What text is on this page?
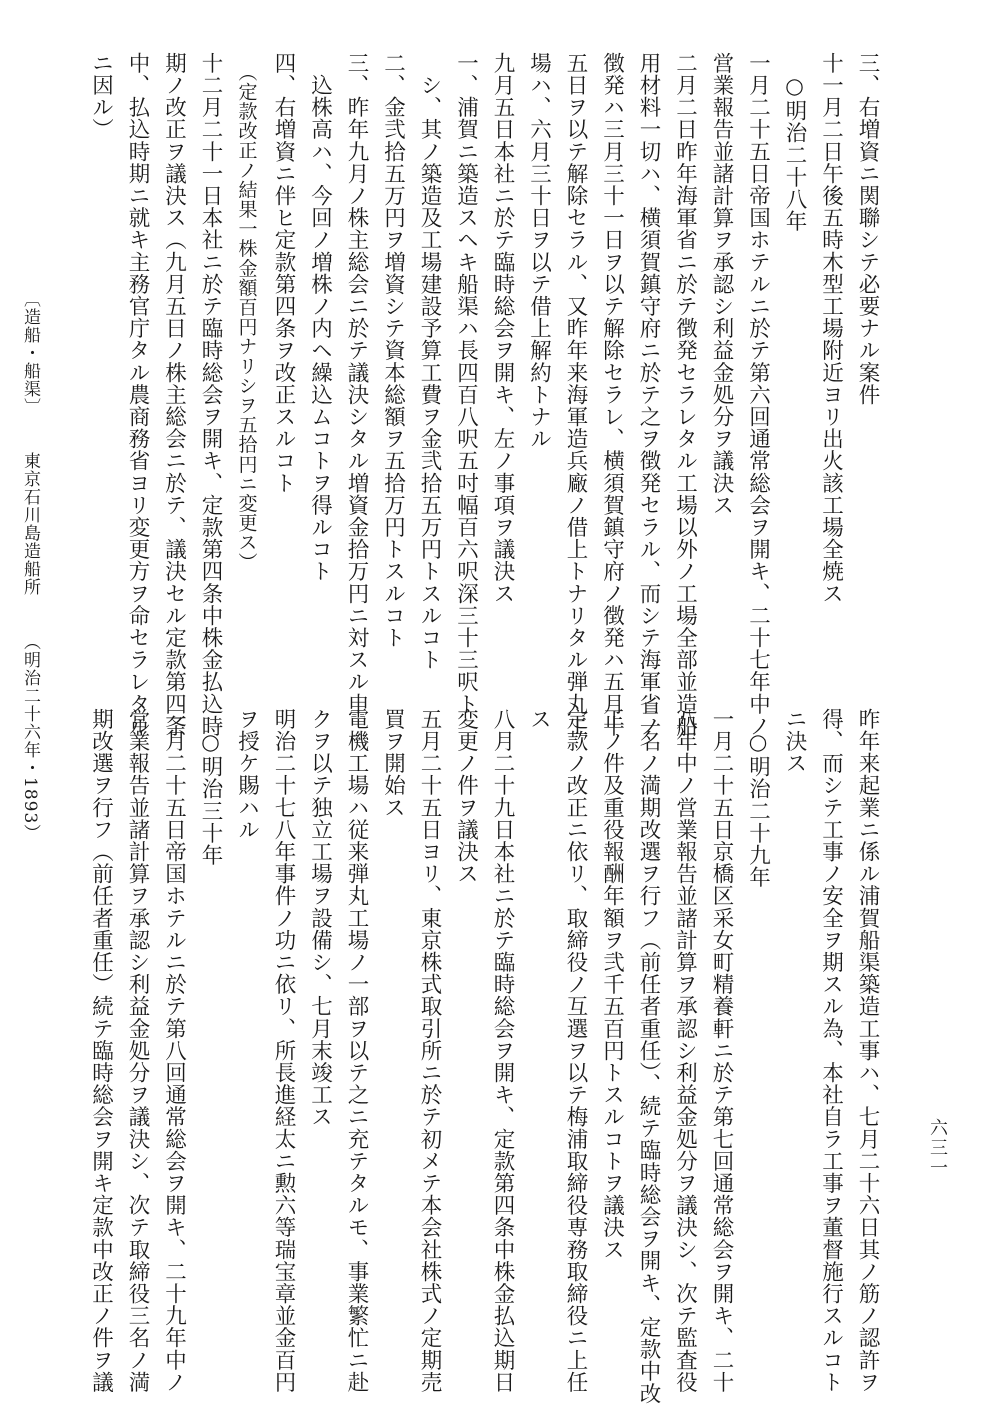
三、右増資ニ関聯シテ必要ナル案件
十一月二日午後五時木型工場附近ヨリ出火該工場全焼ス
　○明治二十八年
一月二十五日帝国ホテルニ於テ第六回通常総会ヲ開キ、二十七年中ノ
営業報告並諸計算ヲ承認シ利益金処分ヲ議決ス
二月二日昨年海軍省ニ於テ徴発セラレタル工場以外ノ工場全部並造船
用材料一切ハ、横須賀鎮守府ニ於テ之ヲ徴発セラル、而シテ海軍省ノ
徴発ハ三月三十一日ヲ以テ解除セラレ、横須賀鎮守府ノ徴発ハ五月十
五日ヲ以テ解除セラル、又昨年来海軍造兵廠ノ借上トナリタル弾丸工
場ハ、六月三十日ヲ以テ借上解約トナル
九月五日本社ニ於テ臨時総会ヲ開キ、左ノ事項ヲ議決ス
一、浦賀ニ築造スヘキ船渠ハ長四百八呎五吋幅百六呎深三十三呎ト
　シ、其ノ築造及工場建設予算工費ヲ金弐拾五万円トスルコト
二、金弐拾五万円ヲ増資シテ資本総額ヲ五拾万円トスルコト
三、昨年九月ノ株主総会ニ於テ議決シタル増資金拾万円ニ対スル申
　込株高ハ、今回ノ増株ノ内ヘ繰込ムコトヲ得ルコト
四、右増資ニ伴ヒ定款第四条ヲ改正スルコト
　（定款改正ノ結果一株金額百円ナリシヲ五拾円ニ変更ス）
十二月二十一日本社ニ於テ臨時総会ヲ開キ、定款第四条中株金払込時
期ノ改正ヲ議決ス（九月五日ノ株主総会ニ於テ、議決セル定款第四条
中、払込時期ニ就キ主務官庁タル農商務省ヨリ変更方ヲ命セラレタル
ニ因ル）
昨年来起業ニ係ル浦賀船渠築造工事ハ、七月二十六日其ノ筋ノ認許ヲ
得、而シテ工事ノ安全ヲ期スル為、本社自ラ工事ヲ董督施行スルコト
ニ決ス
　○明治二十九年
一月二十五日京橋区采女町精養軒ニ於テ第七回通常総会ヲ開キ、二十
八年中ノ営業報告並諸計算ヲ承認シ利益金処分ヲ議決シ、次テ監査役
二名ノ満期改選ヲ行フ（前任者重任）、続テ臨時総会ヲ開キ、定款中改
正ノ件及重役報酬年額ヲ弐千五百円トスルコトヲ議決ス
定款ノ改正ニ依リ、取締役ノ互選ヲ以テ梅浦取締役専務取締役ニ上任
ス
八月二十九日本社ニ於テ臨時総会ヲ開キ、定款第四条中株金払込期日
変更ノ件ヲ議決ス
五月二十五日ヨリ、東京株式取引所ニ於テ初メテ本会社株式ノ定期売
買ヲ開始ス
電機工場ハ従来弾丸工場ノ一部ヲ以テ之ニ充テタルモ、事業繁忙ニ赴
クヲ以テ独立工場ヲ設備シ、七月末竣工ス
明治二十七八年事件ノ功ニ依リ、所長進経太ニ勲六等瑞宝章並金百円
ヲ授ケ賜ハル
　○明治三十年
一月二十五日帝国ホテルニ於テ第八回通常総会ヲ開キ、二十九年中ノ
営業報告並諸計算ヲ承認シ利益金処分ヲ議決シ、次テ取締役三名ノ満
期改選ヲ行フ（前任者重任）続テ臨時総会ヲ開キ定款中改正ノ件ヲ議
〔造船・船渠〕 東京石川島造船所 （明治二十六年・1893）
六三一
